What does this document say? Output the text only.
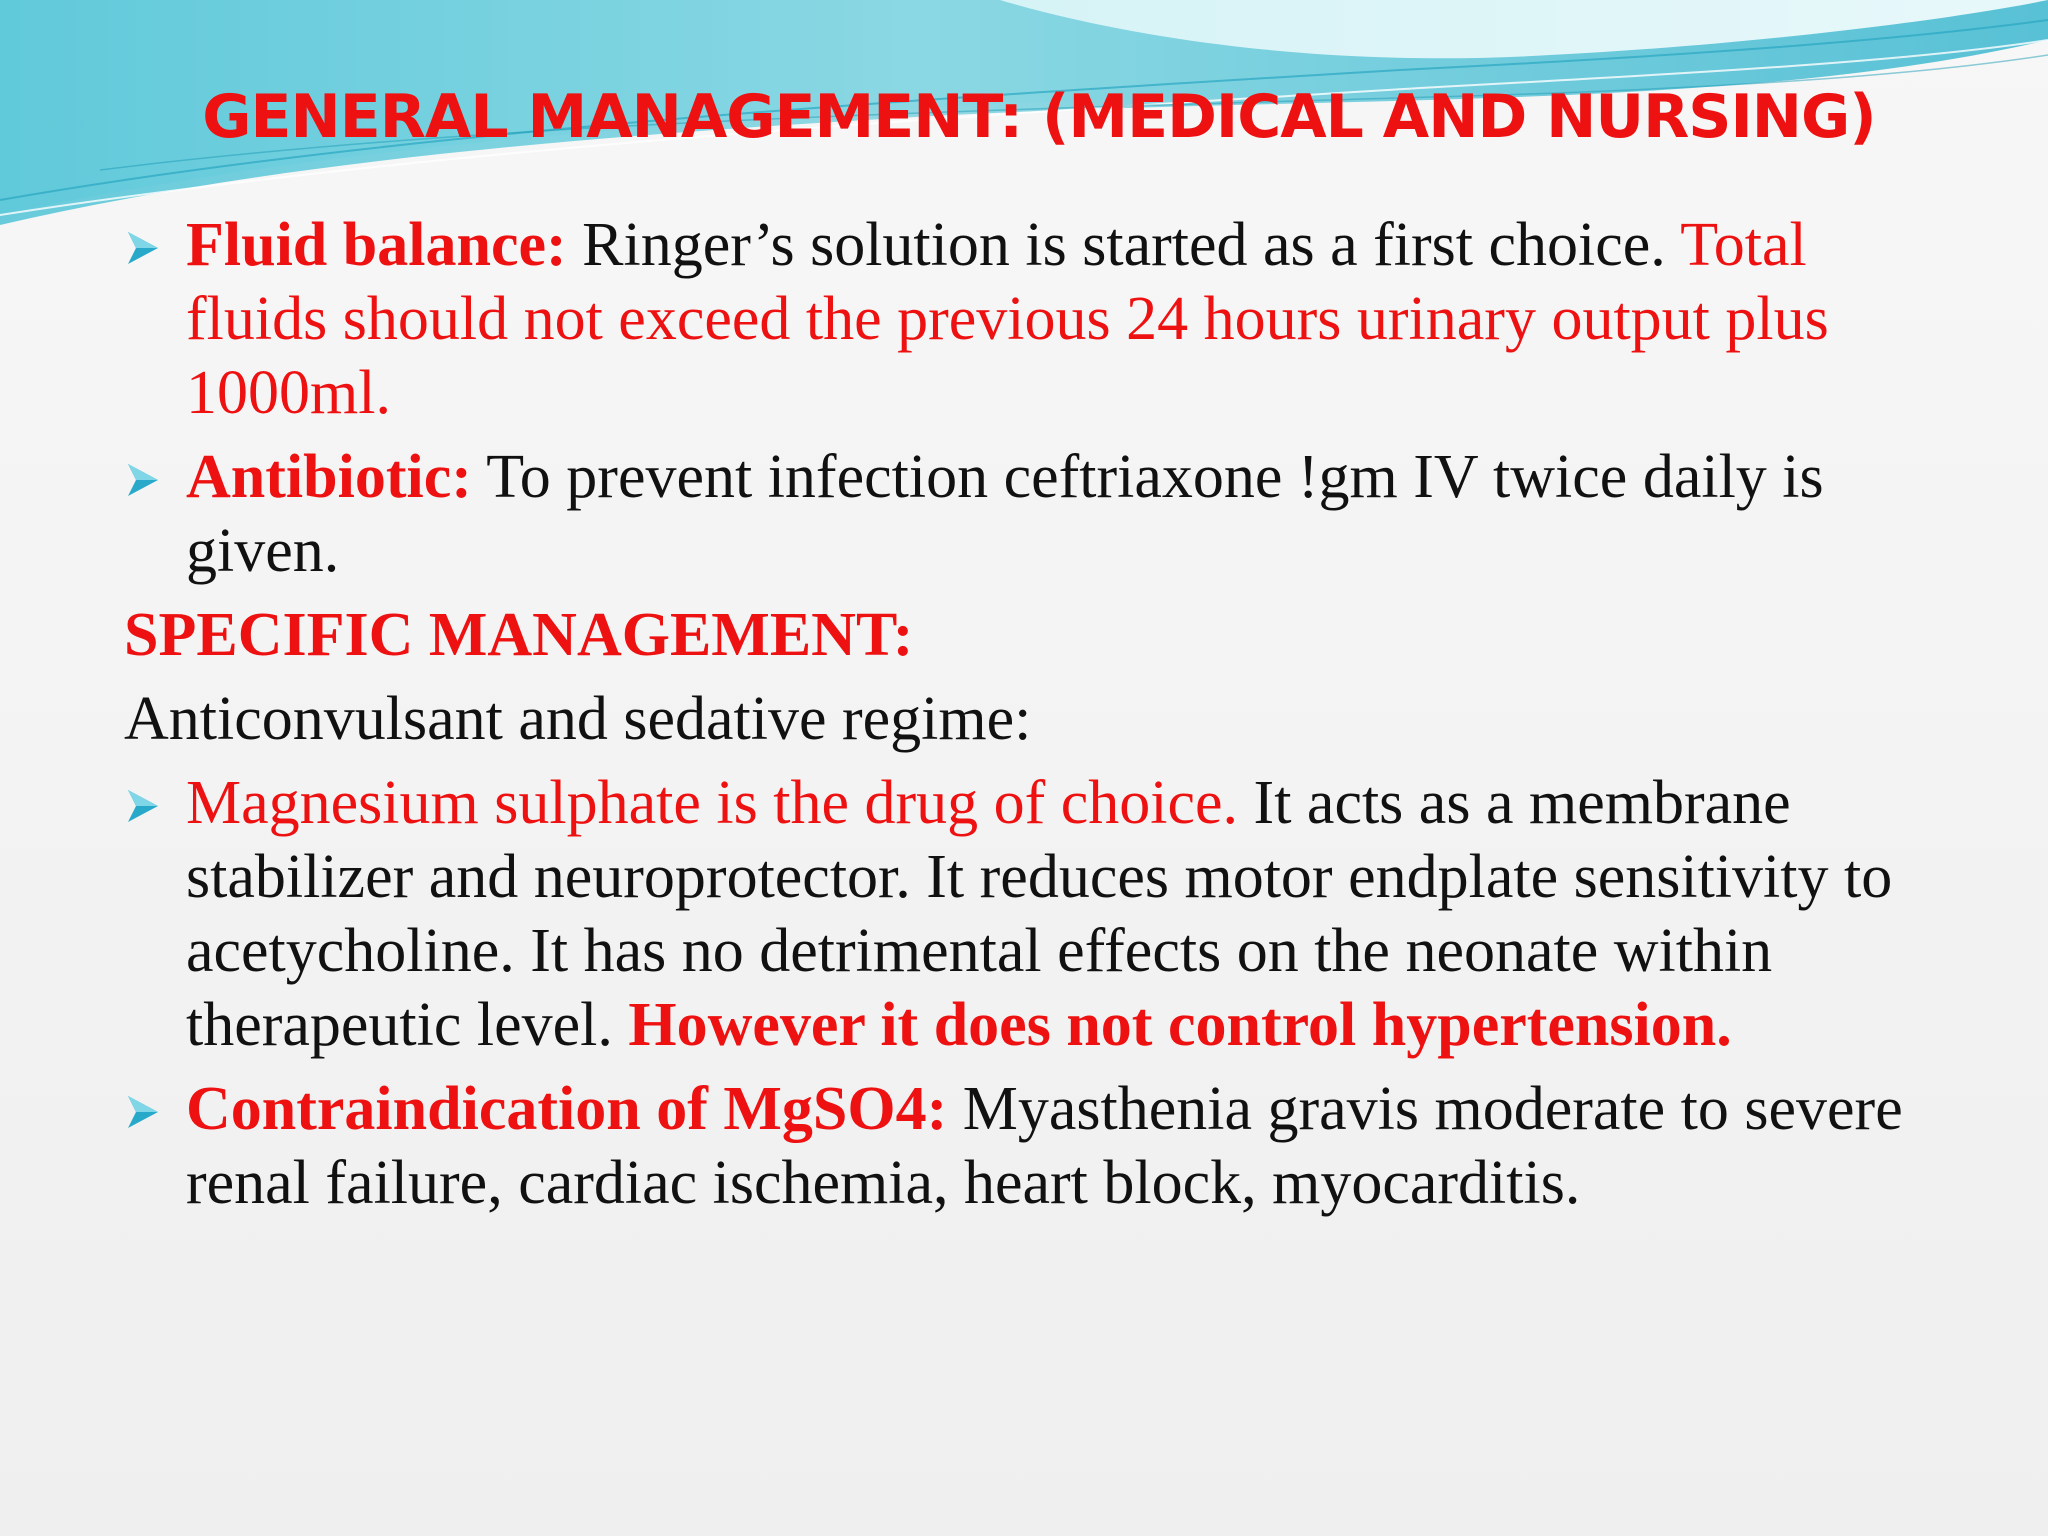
GENERAL MANAGEMENT: (MEDICAL AND NURSING)
Fluid balance: Ringer’s solution is started as a first choice. Total fluids should not exceed the previous 24 hours urinary output plus 1000ml.
Antibiotic: To prevent infection ceftriaxone !gm IV twice daily is given.
SPECIFIC MANAGEMENT:
Anticonvulsant and sedative regime:
Magnesium sulphate is the drug of choice. It acts as a membrane stabilizer and neuroprotector. It reduces motor endplate sensitivity to acetycholine. It has no detrimental effects on the neonate within therapeutic level. However it does not control hypertension.
Contraindication of MgSO4: Myasthenia gravis moderate to severe renal failure, cardiac ischemia, heart block, myocarditis.
